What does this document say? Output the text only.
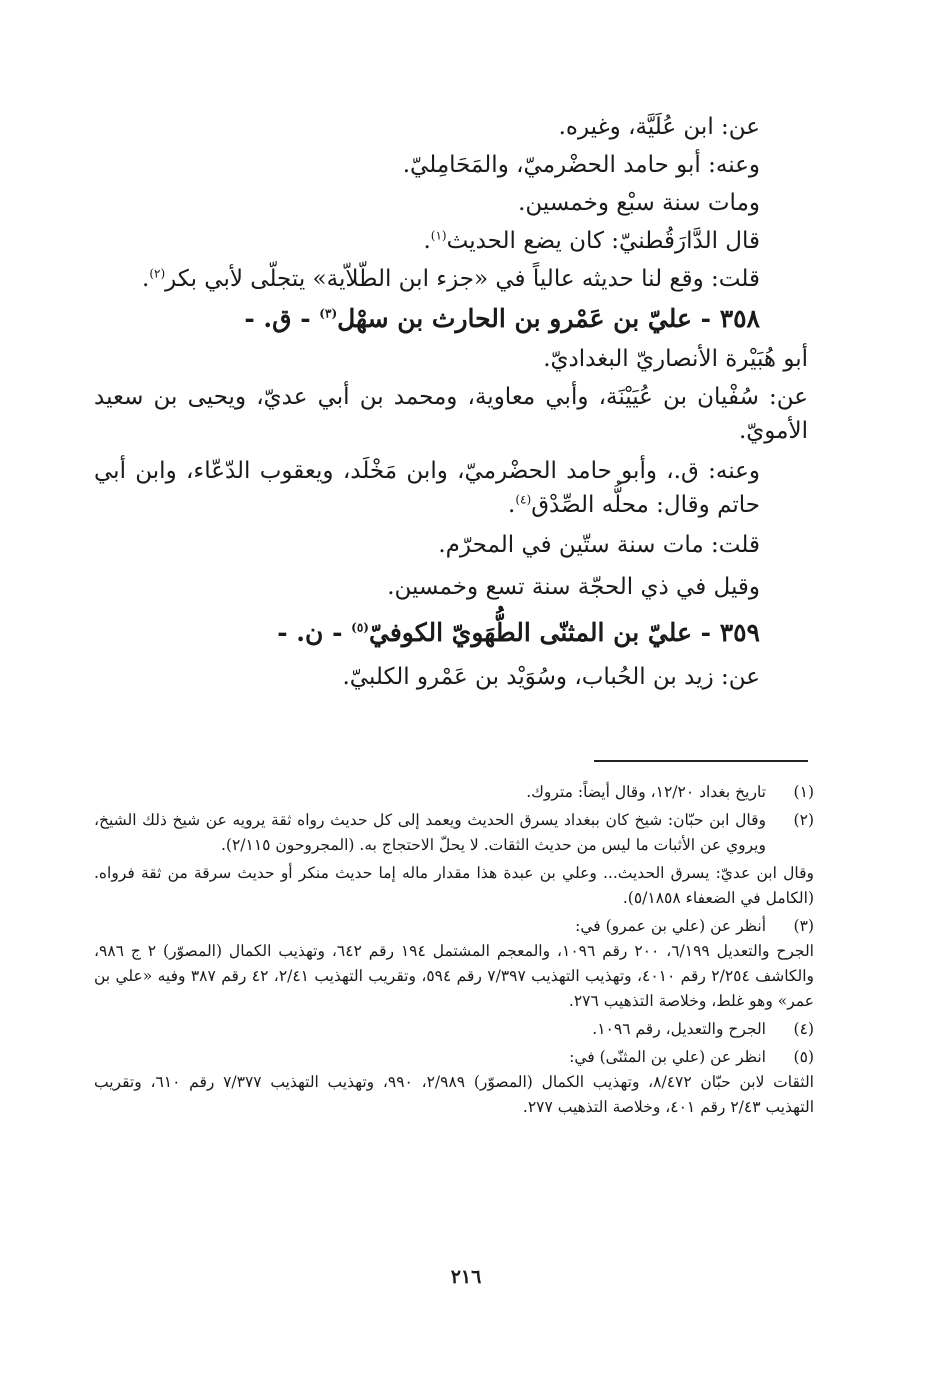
عن: ابن عُلَيَّة، وغيره.

وعنه: أبو حامد الحضْرميّ، والمَحَامِليّ.

ومات سنة سبْع وخمسين.

قال الدَّارَقُطنيّ: كان يضع الحديث$^{(١)}$.

قلت: وقع لنا حديثه عالياً في «جزء ابن الطّلاّية» يتجلّى لأبي بكر$^{(٢)}$.

٣٥٨ - عليّ بن عَمْرو بن الحارث بن سهْل$^{(٣)}$ - ق. -

أبو هُبَيْرة الأنصاريّ البغداديّ.

عن: سُفْيان بن عُيَيْنَة، وأبي معاوية، ومحمد بن أبي عديّ، ويحيى بن سعيد الأمويّ.

وعنه: ق.، وأبو حامد الحضْرميّ، وابن مَخْلَد، ويعقوب الدّعّاء، وابن أبي حاتم وقال: محلُّه الصِّدْق$^{(٤)}$.

قلت: مات سنة ستّين في المحرّم.

وقيل في ذي الحجّة سنة تسع وخمسين.

٣٥٩ - عليّ بن المثنّى الطُّهَويّ الكوفيّ$^{(٥)}$ - ن. -

عن: زيد بن الحُباب، وسُوَيْد بن عَمْرو الكلبيّ.

(١)

تاريخ بغداد ١٢/٢٠، وقال أيضاً: متروك.

(٢)

وقال ابن حبّان: شيخ كان ببغداد يسرق الحديث ويعمد إلى كل حديث رواه ثقة يرويه عن شيخ ذلك الشيخ، ويروي عن الأثبات ما ليس من حديث الثقات. لا يحلّ الاحتجاج به. (المجروحون ٢/١١٥).

وقال ابن عديّ: يسرق الحديث... وعلي بن عبدة هذا مقدار ماله إما حديث منكر أو حديث سرقة من ثقة فرواه. (الكامل في الضعفاء ٥/١٨٥٨).

(٣)

أنظر عن (علي بن عمرو) في:

الجرح والتعديل ٦/١٩٩، ٢٠٠ رقم ١٠٩٦، والمعجم المشتمل ١٩٤ رقم ٦٤٢، وتهذيب الكمال (المصوّر) ٢ ج ٩٨٦، والكاشف ٢/٢٥٤ رقم ٤٠١٠، وتهذيب التهذيب ٧/٣٩٧ رقم ٥٩٤، وتقريب التهذيب ٢/٤١، ٤٢ رقم ٣٨٧ وفيه «علي بن عمر» وهو غلط، وخلاصة التذهيب ٢٧٦.

(٤)

الجرح والتعديل، رقم ١٠٩٦.

(٥)

انظر عن (علي بن المثنّى) في:

الثقات لابن حبّان ٨/٤٧٢، وتهذيب الكمال (المصوّر) ٢/٩٨٩، ٩٩٠، وتهذيب التهذيب ٧/٣٧٧ رقم ٦١٠، وتقريب التهذيب ٢/٤٣ رقم ٤٠١، وخلاصة التذهيب ٢٧٧.

٢١٦
